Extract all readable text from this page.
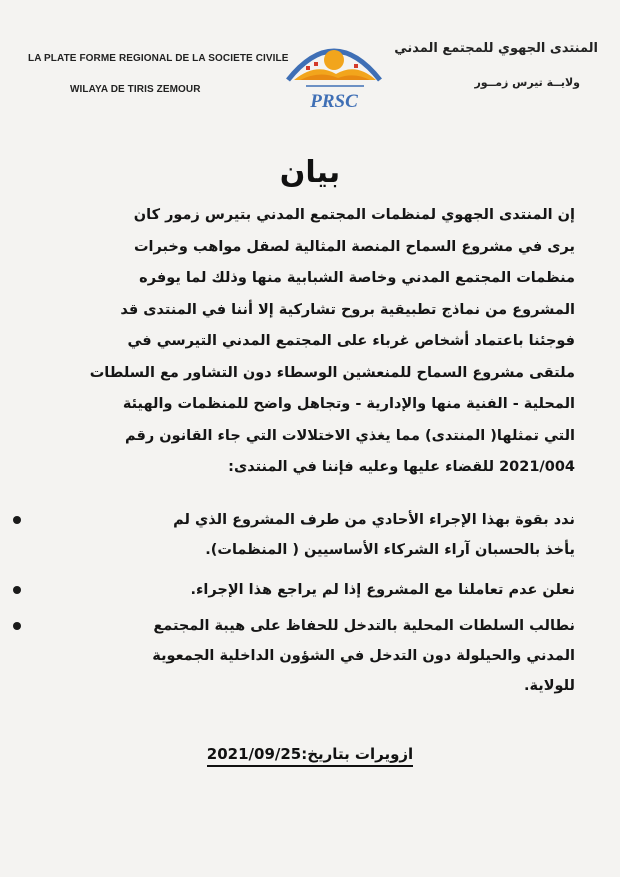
LA PLATE FORME REGIONAL DE LA SOCIETE CIVILE
WILAYA DE TIRIS ZEMOUR
المنتدى الجهوي للمجتمع المدني
ولايــة تيرس زمــور
PRSC
بيان
إن المنتدى الجهوي لمنظمات المجتمع المدني بتيرس زمور كان
يرى في مشروع السماح المنصة المثالية لصقل مواهب وخبرات
منظمات المجتمع المدني وخاصة الشبابية منها وذلك لما يوفره
المشروع من نماذج تطبيقية بروح تشاركية إلا أننا في المنتدى قد
فوجئنا باعتماد أشخاص غرباء على المجتمع المدني التيرسي في
ملتقى مشروع السماح للمنعشين الوسطاء دون التشاور مع السلطات
المحلية - الفنية منها والإدارية - وتجاهل واضح للمنظمات والهيئة
التي تمثلها( المنتدى) مما يغذي الاختلالات التي جاء القانون رقم
2021/004 للقضاء عليها وعليه فإننا في المنتدى:
ندد بقوة بهذا الإجراء الأحادي من طرف المشروع الذي لم
يأخذ بالحسبان آراء الشركاء الأساسيين ( المنظمات).
نعلن عدم تعاملنا مع المشروع إذا لم يراجع هذا الإجراء.
نطالب السلطات المحلية بالتدخل للحفاظ على هيبة المجتمع
المدني والحيلولة دون التدخل في الشؤون الداخلية الجمعوية
للولاية.
ازويرات بتاريخ:2021/09/25
